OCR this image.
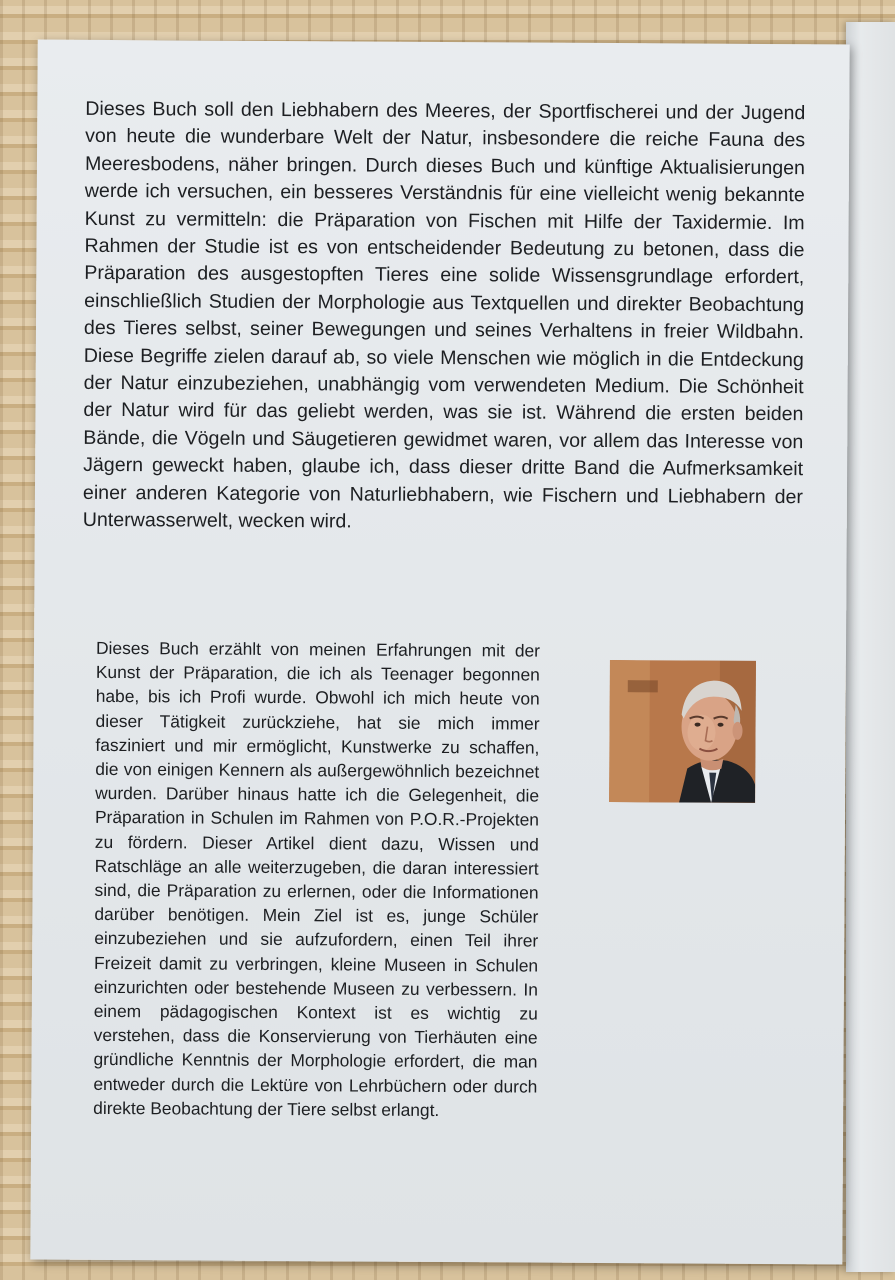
Dieses Buch soll den Liebhabern des Meeres, der Sportfischerei und der Jugend von heute die wunderbare Welt der Natur, insbesondere die reiche Fauna des Meeresbodens, näher bringen. Durch dieses Buch und künftige Aktualisierungen werde ich versuchen, ein besseres Verständnis für eine vielleicht wenig bekannte Kunst zu vermitteln: die Präparation von Fischen mit Hilfe der Taxidermie. Im Rahmen der Studie ist es von entscheidender Bedeutung zu betonen, dass die Präparation des ausgestopften Tieres eine solide Wissensgrundlage erfordert, einschließlich Studien der Morphologie aus Textquellen und direkter Beobachtung des Tieres selbst, seiner Bewegungen und seines Verhaltens in freier Wildbahn. Diese Begriffe zielen darauf ab, so viele Menschen wie möglich in die Entdeckung der Natur einzubeziehen, unabhängig vom verwendeten Medium. Die Schönheit der Natur wird für das geliebt werden, was sie ist. Während die ersten beiden Bände, die Vögeln und Säugetieren gewidmet waren, vor allem das Interesse von Jägern geweckt haben, glaube ich, dass dieser dritte Band die Aufmerksamkeit einer anderen Kategorie von Naturliebhabern, wie Fischern und Liebhabern der Unterwasserwelt, wecken wird.

Dieses Buch erzählt von meinen Erfahrungen mit der Kunst der Präparation, die ich als Teenager begonnen habe, bis ich Profi wurde. Obwohl ich mich heute von dieser Tätigkeit zurückziehe, hat sie mich immer fasziniert und mir ermöglicht, Kunstwerke zu schaffen, die von einigen Kennern als außergewöhnlich bezeichnet wurden. Darüber hinaus hatte ich die Gelegenheit, die Präparation in Schulen im Rahmen von P.O.R.-Projekten zu fördern. Dieser Artikel dient dazu, Wissen und Ratschläge an alle weiterzugeben, die daran interessiert sind, die Präparation zu erlernen, oder die Informationen darüber benötigen. Mein Ziel ist es, junge Schüler einzubeziehen und sie aufzufordern, einen Teil ihrer Freizeit damit zu verbringen, kleine Museen in Schulen einzurichten oder bestehende Museen zu verbessern. In einem pädagogischen Kontext ist es wichtig zu verstehen, dass die Konservierung von Tierhäuten eine gründliche Kenntnis der Morphologie erfordert, die man entweder durch die Lektüre von Lehrbüchern oder durch direkte Beobachtung der Tiere selbst erlangt.
